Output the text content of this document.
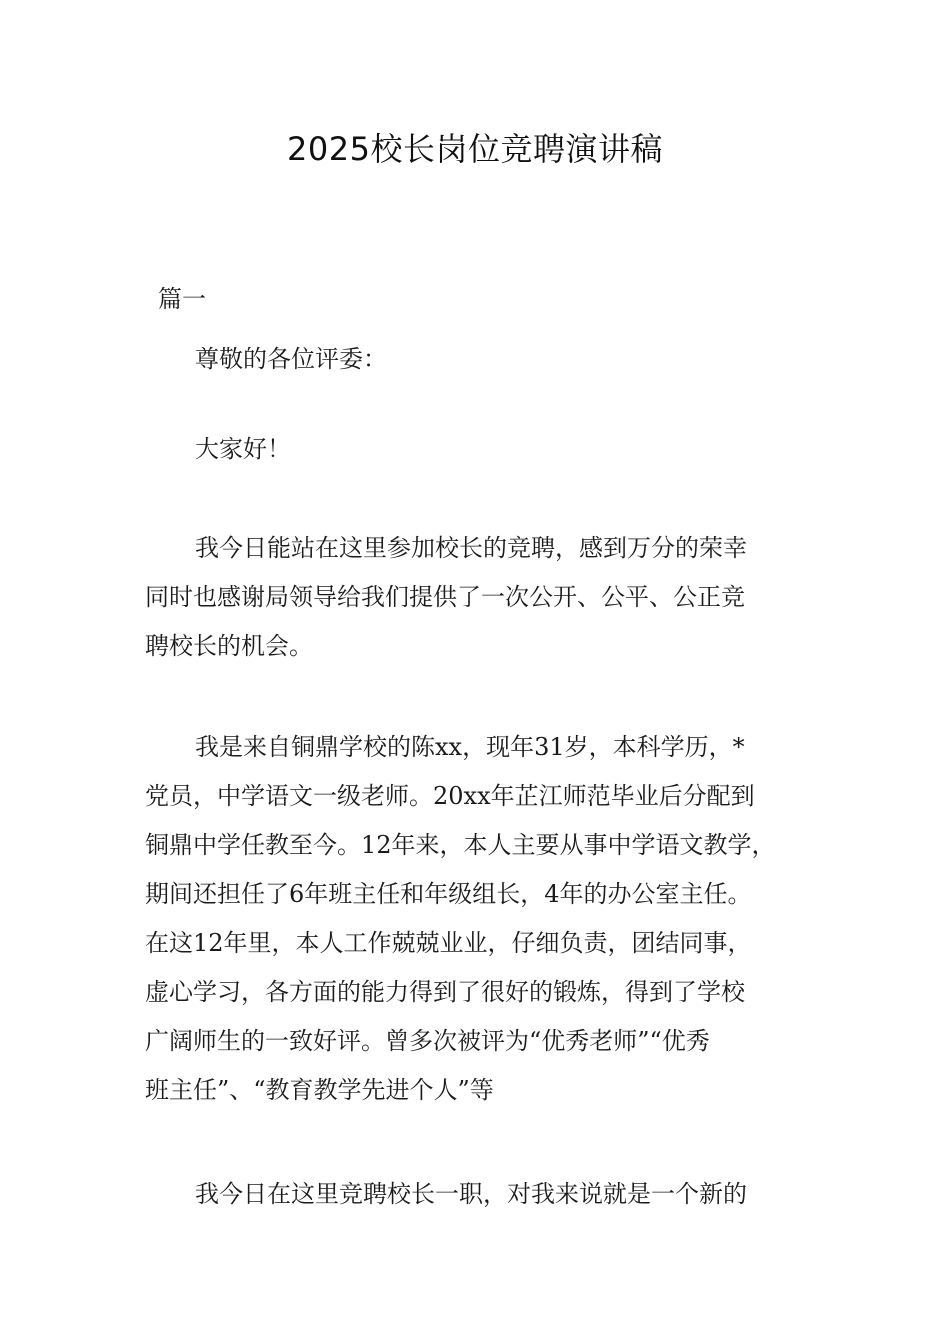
2025校长岗位竞聘演讲稿
篇一
尊敬的各位评委：
大家好！
我今日能站在这里参加校长的竞聘，感到万分的荣幸
同时也感谢局领导给我们提供了一次公开、公平、公正竞
聘校长的机会。
我是来自铜鼎学校的陈xx，现年31岁，本科学历，*
党员，中学语文一级老师。20xx年芷江师范毕业后分配到
铜鼎中学任教至今。12年来，本人主要从事中学语文教学，
期间还担任了6年班主任和年级组长，4年的办公室主任。
在这12年里，本人工作兢兢业业，仔细负责，团结同事，
虚心学习，各方面的能力得到了很好的锻炼，得到了学校
广阔师生的一致好评。曾多次被评为“优秀老师”“优秀
班主任”、“教育教学先进个人”等
我今日在这里竞聘校长一职，对我来说就是一个新的
